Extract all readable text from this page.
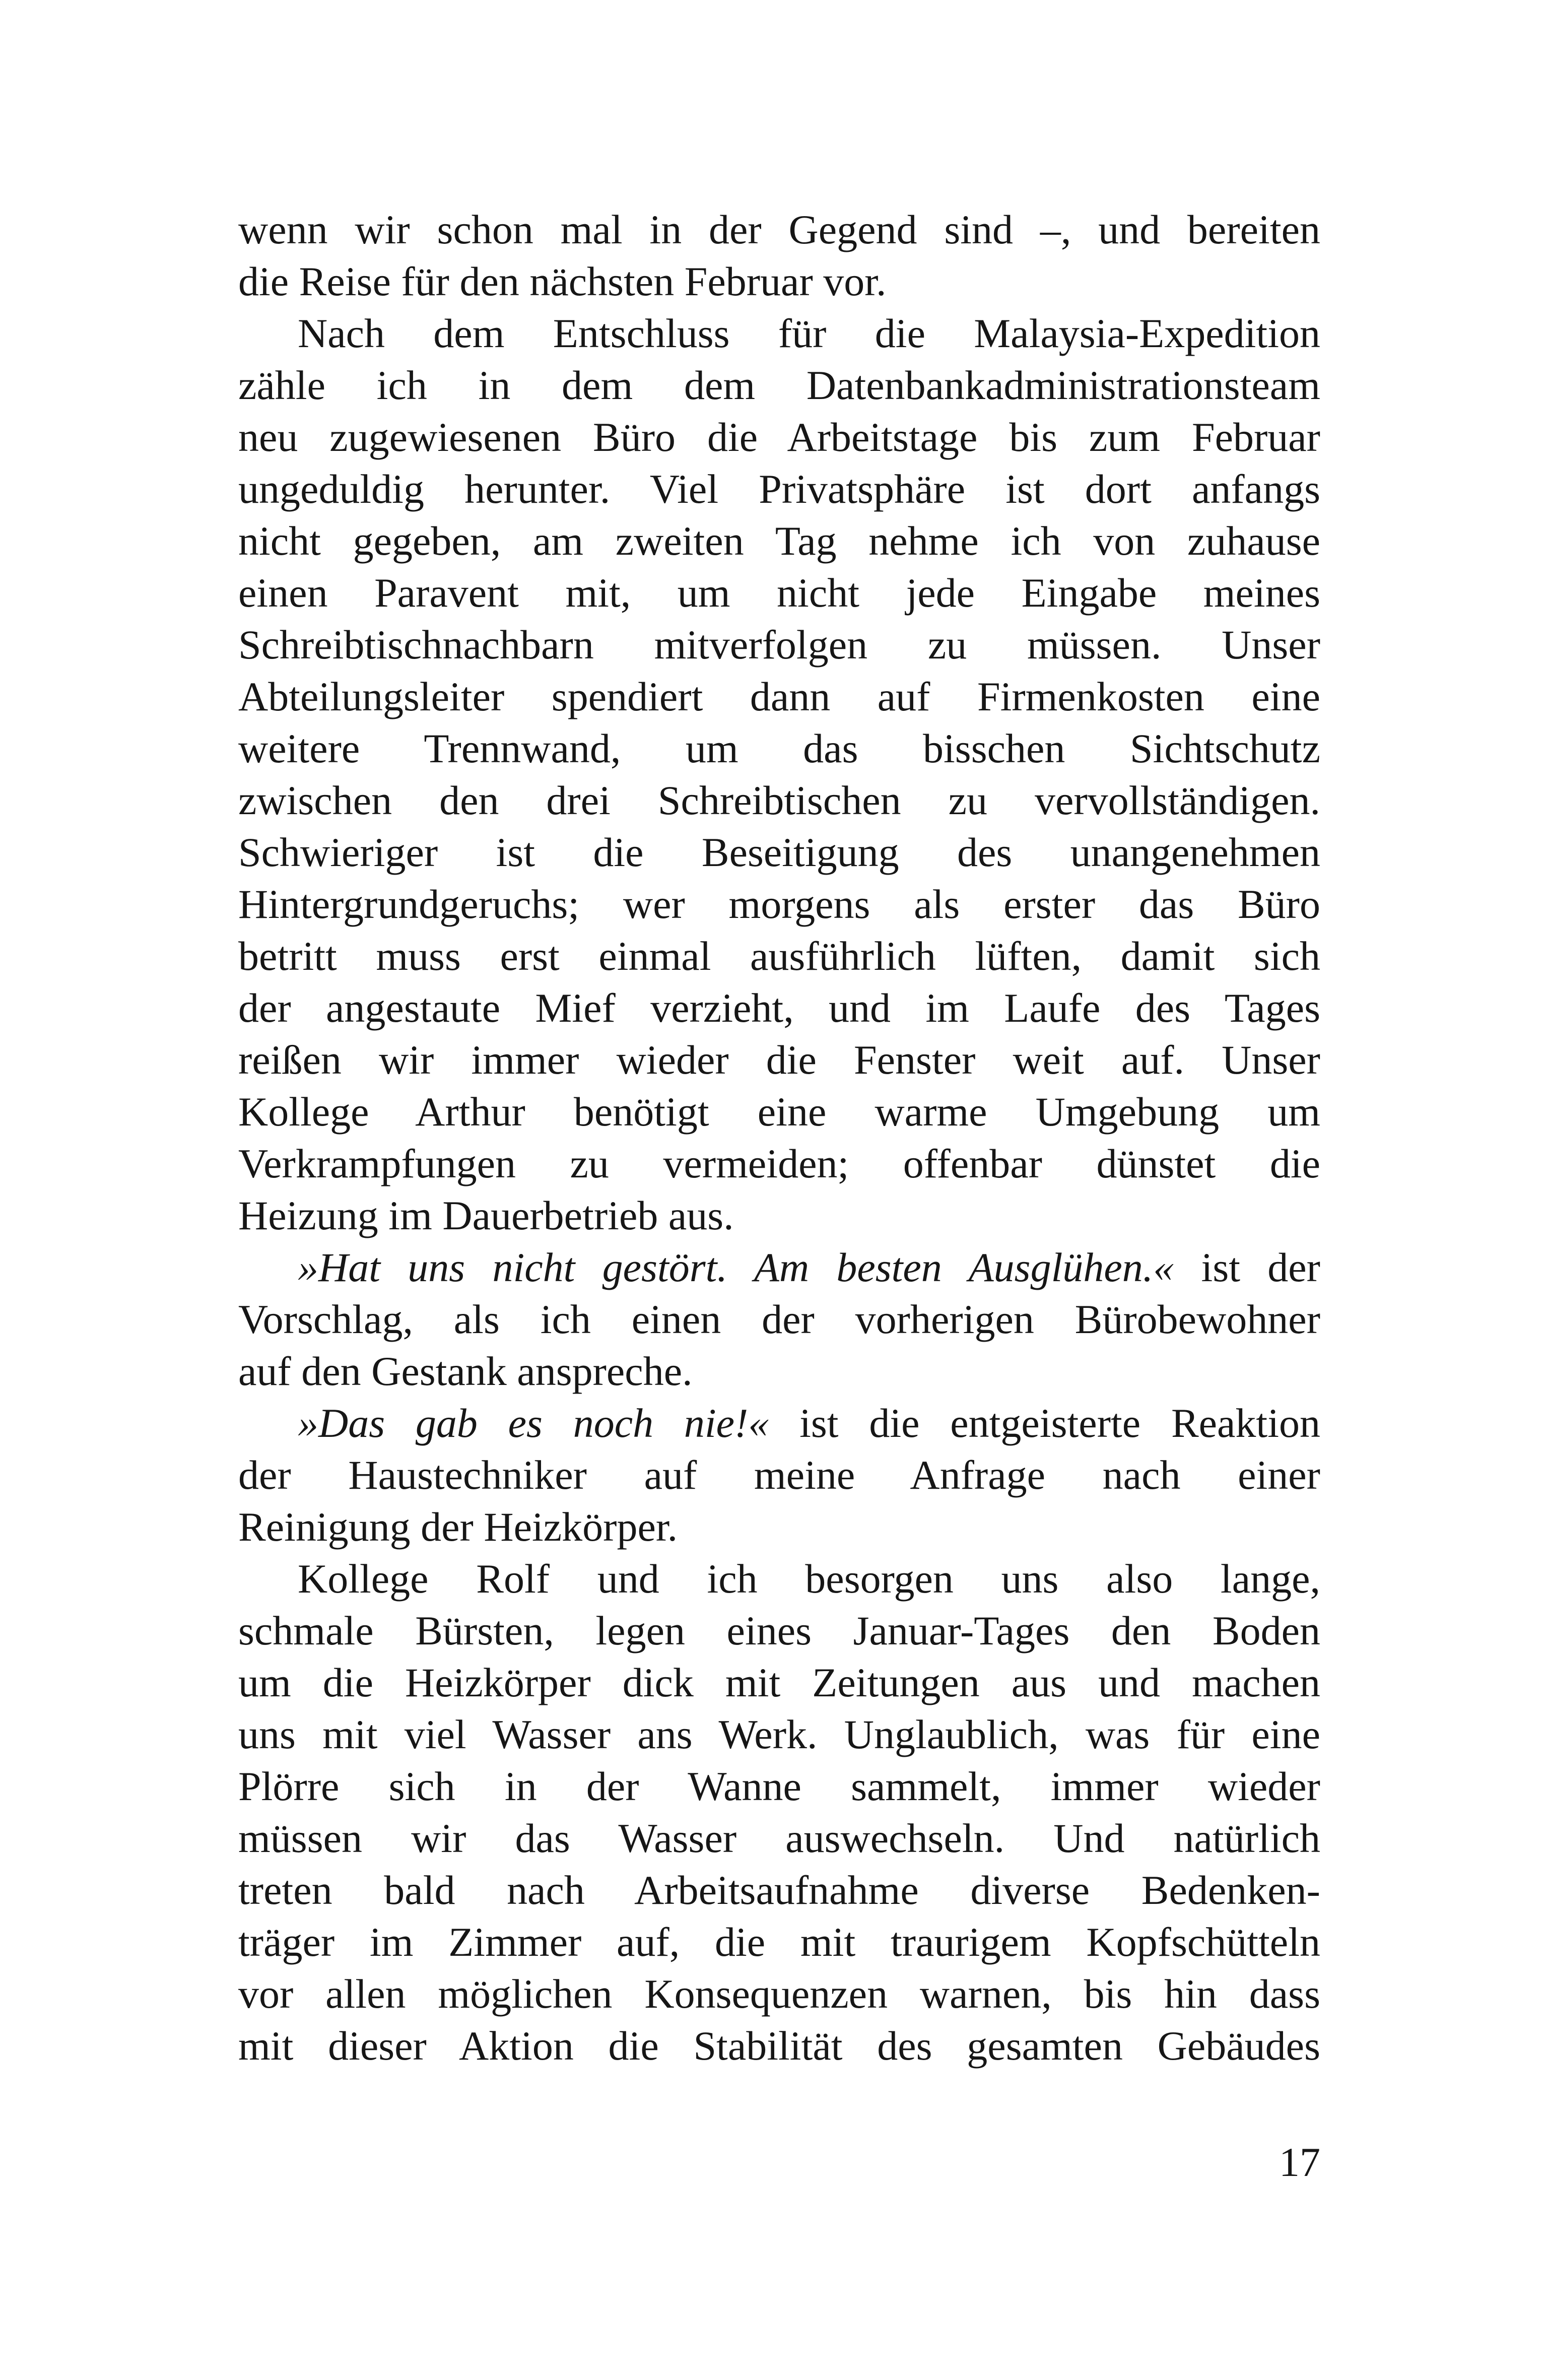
wenn wir schon mal in der Gegend sind –, und bereiten
die Reise für den nächsten Februar vor.
Nach dem Entschluss für die Malaysia-Expedition
zähle ich in dem dem Datenbankadministrationsteam
neu zugewiesenen Büro die Arbeitstage bis zum Februar
ungeduldig herunter. Viel Privatsphäre ist dort anfangs
nicht gegeben, am zweiten Tag nehme ich von zuhause
einen Paravent mit, um nicht jede Eingabe meines
Schreibtischnachbarn mitverfolgen zu müssen. Unser
Abteilungsleiter spendiert dann auf Firmenkosten eine
weitere Trennwand, um das bisschen Sichtschutz
zwischen den drei Schreibtischen zu vervollständigen.
Schwieriger ist die Beseitigung des unangenehmen
Hintergrundgeruchs; wer morgens als erster das Büro
betritt muss erst einmal ausführlich lüften, damit sich
der angestaute Mief verzieht, und im Laufe des Tages
reißen wir immer wieder die Fenster weit auf. Unser
Kollege Arthur benötigt eine warme Umgebung um
Verkrampfungen zu vermeiden; offenbar dünstet die
Heizung im Dauerbetrieb aus.
»Hat uns nicht gestört. Am besten Ausglühen.« ist der
Vorschlag, als ich einen der vorherigen Bürobewohner
auf den Gestank anspreche.
»Das gab es noch nie!« ist die entgeisterte Reaktion
der Haustechniker auf meine Anfrage nach einer
Reinigung der Heizkörper.
Kollege Rolf und ich besorgen uns also lange,
schmale Bürsten, legen eines Januar-Tages den Boden
um die Heizkörper dick mit Zeitungen aus und machen
uns mit viel Wasser ans Werk. Unglaublich, was für eine
Plörre sich in der Wanne sammelt, immer wieder
müssen wir das Wasser auswechseln. Und natürlich
treten bald nach Arbeitsaufnahme diverse Bedenken-
träger im Zimmer auf, die mit traurigem Kopfschütteln
vor allen möglichen Konsequenzen warnen, bis hin dass
mit dieser Aktion die Stabilität des gesamten Gebäudes
17
